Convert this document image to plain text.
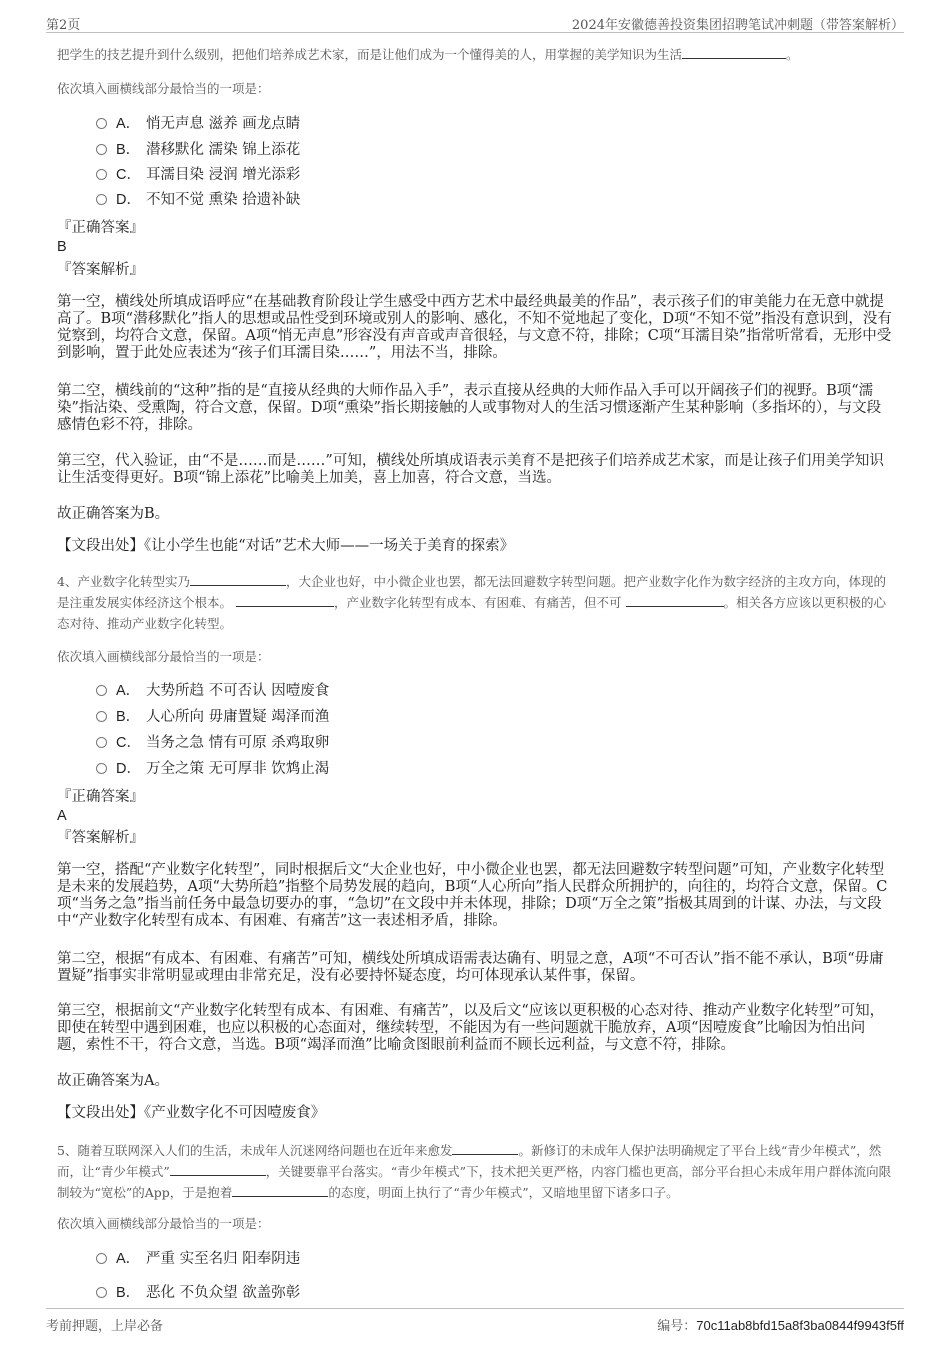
第2页	2024年安徽德善投资集团招聘笔试冲刺题（带答案解析）

把学生的技艺提升到什么级别，把他们培养成艺术家，而是让他们成为一个懂得美的人，用掌握的美学知识为生活	。

依次填入画横线部分最恰当的一项是：

A． 悄无声息 滋养 画龙点睛
B． 潜移默化 濡染 锦上添花
C． 耳濡目染 浸润 增光添彩
D． 不知不觉 熏染 拾遗补缺

『正确答案』

B

『答案解析』

第一空，横线处所填成语呼应“在基础教育阶段让学生感受中西方艺术中最经典最美的作品”，表示孩子们的审美能力在无意中就提高了。B项“潜移默化”指人的思想或品性受到环境或别人的影响、感化，不知不觉地起了变化，D项“不知不觉”指没有意识到，没有觉察到，均符合文意，保留。A项“悄无声息”形容没有声音或声音很轻，与文意不符，排除；C项“耳濡目染”指常听常看，无形中受到影响，置于此处应表述为“孩子们耳濡目染……”，用法不当，排除。

第二空，横线前的“这种”指的是“直接从经典的大师作品入手”，表示直接从经典的大师作品入手可以开阔孩子们的视野。B项“濡染”指沾染、受熏陶，符合文意，保留。D项“熏染”指长期接触的人或事物对人的生活习惯逐渐产生某种影响（多指坏的），与文段感情色彩不符，排除。

第三空，代入验证，由“不是……而是……”可知，横线处所填成语表示美育不是把孩子们培养成艺术家，而是让孩子们用美学知识让生活变得更好。B项“锦上添花”比喻美上加美，喜上加喜，符合文意，当选。

故正确答案为B。

【文段出处】《让小学生也能“对话”艺术大师——一场关于美育的探索》

4、产业数字化转型实乃	，大企业也好，中小微企业也罢，都无法回避数字转型问题。把产业数字化作为数字经济的主攻方向，体现的是注重发展实体经济这个根本。	，产业数字化转型有成本、有困难、有痛苦，但不可	。相关各方应该以更积极的心态对待、推动产业数字化转型。

依次填入画横线部分最恰当的一项是：

A． 大势所趋 不可否认 因噎废食
B． 人心所向 毋庸置疑 竭泽而渔
C． 当务之急 情有可原 杀鸡取卵
D． 万全之策 无可厚非 饮鸩止渴

『正确答案』

A

『答案解析』

第一空，搭配“产业数字化转型”，同时根据后文“大企业也好，中小微企业也罢，都无法回避数字转型问题”可知，产业数字化转型是未来的发展趋势，A项“大势所趋”指整个局势发展的趋向，B项“人心所向”指人民群众所拥护的，向往的，均符合文意，保留。C项“当务之急”指当前任务中最急切要办的事，“急切”在文段中并未体现，排除；D项“万全之策”指极其周到的计谋、办法，与文段中“产业数字化转型有成本、有困难、有痛苦”这一表述相矛盾，排除。

第二空，根据“有成本、有困难、有痛苦”可知，横线处所填成语需表达确有、明显之意，A项“不可否认”指不能不承认，B项“毋庸置疑”指事实非常明显或理由非常充足，没有必要持怀疑态度，均可体现承认某件事，保留。

第三空，根据前文“产业数字化转型有成本、有困难、有痛苦”，以及后文“应该以更积极的心态对待、推动产业数字化转型”可知，即使在转型中遇到困难，也应以积极的心态面对，继续转型，不能因为有一些问题就干脆放弃，A项“因噎废食”比喻因为怕出问题，索性不干，符合文意，当选。B项“竭泽而渔”比喻贪图眼前利益而不顾长远利益，与文意不符，排除。

故正确答案为A。

【文段出处】《产业数字化不可因噎废食》

5、随着互联网深入人们的生活，未成年人沉迷网络问题也在近年来愈发	。新修订的未成年人保护法明确规定了平台上线“青少年模式”，然而，让“青少年模式”	，关键要靠平台落实。“青少年模式”下，技术把关更严格，内容门槛也更高，部分平台担心未成年用户群体流向限制较为“宽松”的App，于是抱着	的态度，明面上执行了“青少年模式”，又暗地里留下诸多口子。

依次填入画横线部分最恰当的一项是：

A． 严重 实至名归 阳奉阴违
B． 恶化 不负众望 欲盖弥彰
考前押题，上岸必备	编号：70c11ab8bfd15a8f3ba0844f9943f5ff
